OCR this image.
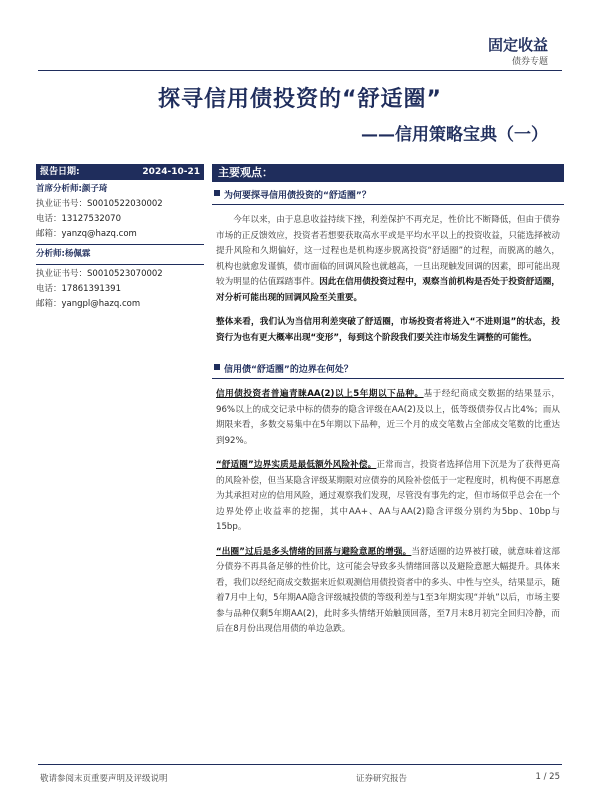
固定收益
债券专题
探寻信用债投资的“舒适圈”
——信用策略宝典（一）
报告日期:	2024-10-21
首席分析师:颜子琦
执业证书号：S0010522030002
电话：13127532070
邮箱：yanzq@hazq.com
分析师:杨佩霖
执业证书号：S0010523070002
电话：17861391391
邮箱：yangpl@hazq.com
主要观点：
为何要探寻信用债投资的“舒适圈”？

今年以来，由于息息收益持续下挫，利差保护不再充足，性价比不断降低，但由于债券市场的正反馈效应，投资者若想要获取高水平或是平均水平以上的投资收益，只能选择被动提升风险和久期偏好，这一过程也是机构逐步脱离投资“舒适圈”的过程，而脱离的越久，机构也就愈发谨慎，债市面临的回调风险也就越高，一旦出现触发回调的因素，即可能出现较为明显的估值踩踏事件。因此在信用债投资过程中，观察当前机构是否处于投资舒适圈，对分析可能出现的回调风险至关重要。

整体来看，我们认为当信用利差突破了舒适圈，市场投资者将进入“不进则退”的状态，投资行为也有更大概率出现“变形”，每到这个阶段我们要关注市场发生调整的可能性。

信用债“舒适圈”的边界在何处？

信用债投资者普遍青睐AA(2)以上5年期以下品种。基于经纪商成交数据的结果显示，96%以上的成交记录中标的债券的隐含评级在AA(2)及以上，低等级债券仅占比4%；而从期限来看，多数交易集中在5年期以下品种，近三个月的成交笔数占全部成交笔数的比重达到92%。

“舒适圈”边界实质是最低额外风险补偿。正常而言，投资者选择信用下沉是为了获得更高的风险补偿，但当某隐含评级某期限对应债券的风险补偿低于一定程度时，机构便不再愿意为其承担对应的信用风险，通过观察我们发现，尽管没有事先约定，但市场似乎总会在一个边界处停止收益率的挖掘，其中AA+、AA与AA(2)隐含评级分别约为5bp、10bp与15bp。

“出圈”过后是多头情绪的回落与避险意愿的增强。当舒适圈的边界被打破，就意味着这部分债券不再具备足够的性价比，这可能会导致多头情绪回落以及避险意愿大幅提升。具体来看，我们以经纪商成交数据来近似观测信用债投资者中的多头、中性与空头，结果显示，随着7月中上旬，5年期AA隐含评级城投债的等级利差与1至3年期实现“并轨”以后，市场主要参与品种仅剩5年期AA(2)，此时多头情绪开始触顶回落，至7月末8月初完全回归冷静，而后在8月份出现信用债的单边急跌。

敬请参阅末页重要声明及评级说明	证券研究报告	1 / 25
